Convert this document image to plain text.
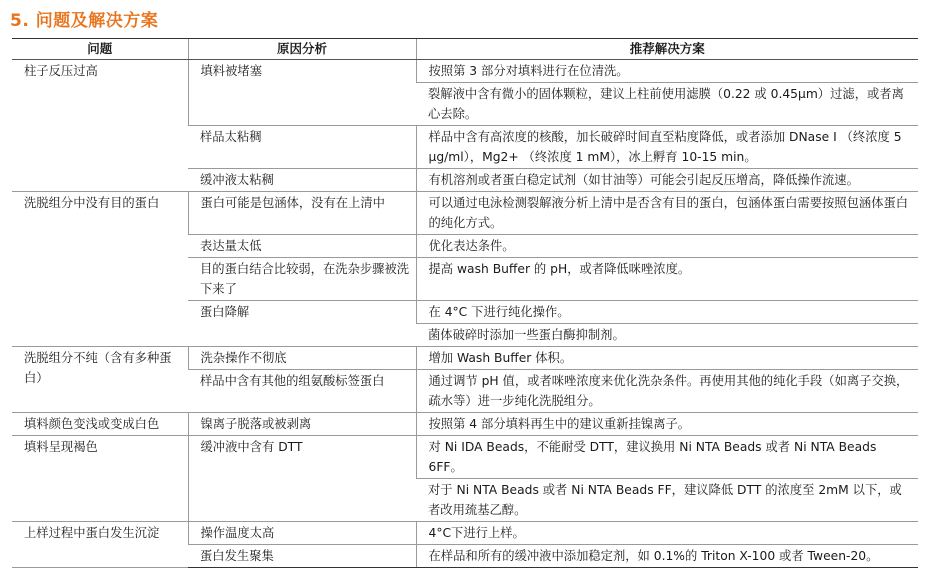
5. 问题及解决方案
问题	原因分析	推荐解决方案
柱子反压过高	填料被堵塞	按照第 3 部分对填料进行在位清洗。
		裂解液中含有微小的固体颗粒，建议上柱前使用滤膜（0.22 或 0.45μm）过滤，或者离心去除。
	样品太粘稠	样品中含有高浓度的核酸，加长破碎时间直至粘度降低，或者添加 DNase I （终浓度 5 μg/ml），Mg2+ （终浓度 1 mM），冰上孵育 10-15 min。
	缓冲液太粘稠	有机溶剂或者蛋白稳定试剂（如甘油等）可能会引起反压增高，降低操作流速。
洗脱组分中没有目的蛋白	蛋白可能是包涵体，没有在上清中	可以通过电泳检测裂解液分析上清中是否含有目的蛋白，包涵体蛋白需要按照包涵体蛋白的纯化方式。
	表达量太低	优化表达条件。
	目的蛋白结合比较弱，在洗杂步骤被洗下来了	提高 wash Buffer 的 pH，或者降低咪唑浓度。
	蛋白降解	在 4°C 下进行纯化操作。
		菌体破碎时添加一些蛋白酶抑制剂。
洗脱组分不纯（含有多种蛋白）	洗杂操作不彻底	增加 Wash Buffer 体积。
	样品中含有其他的组氨酸标签蛋白	通过调节 pH 值，或者咪唑浓度来优化洗杂条件。再使用其他的纯化手段（如离子交换，疏水等）进一步纯化洗脱组分。
填料颜色变浅或变成白色	镍离子脱落或被剥离	按照第 4 部分填料再生中的建议重新挂镍离子。
填料呈现褐色	缓冲液中含有 DTT	对 Ni IDA Beads，不能耐受 DTT，建议换用 Ni NTA Beads 或者 Ni NTA Beads 6FF。
		对于 Ni NTA Beads 或者 Ni NTA Beads FF，建议降低 DTT 的浓度至 2mM 以下，或者改用巯基乙醇。
上样过程中蛋白发生沉淀	操作温度太高	4°C下进行上样。
	蛋白发生聚集	在样品和所有的缓冲液中添加稳定剂，如 0.1%的 Triton X-100 或者 Tween-20。
